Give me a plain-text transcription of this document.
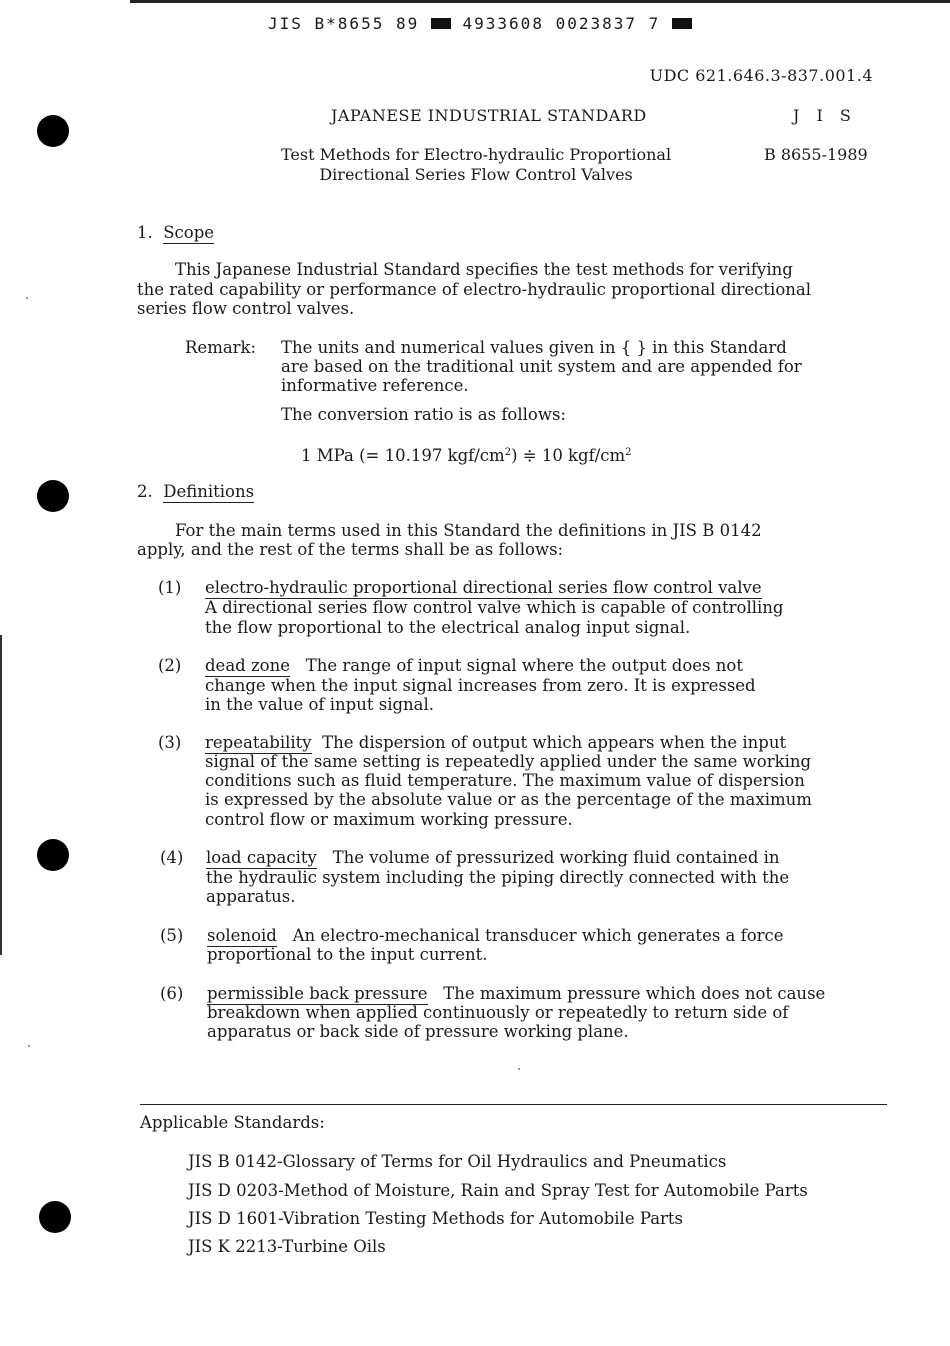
JIS B*8655 89	4933608 0023837 7
UDC 621.646.3-837.001.4
JAPANESE INDUSTRIAL STANDARD	J I S
Test Methods for Electro-hydraulic Proportional
Directional Series Flow Control Valves
B 8655-1989
1. Scope
This Japanese Industrial Standard specifies the test methods for verifying
the rated capability or performance of electro-hydraulic proportional directional
series flow control valves.
Remark: The units and numerical values given in { } in this Standard
are based on the traditional unit system and are appended for
informative reference.
The conversion ratio is as follows:
1 MPa (= 10.197 kgf/$cm^2$) ≑ 10 kgf/$cm^2$
2. Definitions
For the main terms used in this Standard the definitions in JIS B 0142
apply, and the rest of the terms shall be as follows:
(1) electro-hydraulic proportional directional series flow control valve
A directional series flow control valve which is capable of controlling
the flow proportional to the electrical analog input signal.
(2) dead zone The range of input signal where the output does not
change when the input signal increases from zero. It is expressed
in the value of input signal.
(3) repeatability The dispersion of output which appears when the input
signal of the same setting is repeatedly applied under the same working
conditions such as fluid temperature. The maximum value of dispersion
is expressed by the absolute value or as the percentage of the maximum
control flow or maximum working pressure.
(4) load capacity The volume of pressurized working fluid contained in
the hydraulic system including the piping directly connected with the
apparatus.
(5) solenoid An electro-mechanical transducer which generates a force
proportional to the input current.
(6) permissible back pressure The maximum pressure which does not cause
breakdown when applied continuously or repeatedly to return side of
apparatus or back side of pressure working plane.
Applicable Standards:
JIS B 0142-Glossary of Terms for Oil Hydraulics and Pneumatics
JIS D 0203-Method of Moisture, Rain and Spray Test for Automobile Parts
JIS D 1601-Vibration Testing Methods for Automobile Parts
JIS K 2213-Turbine Oils
